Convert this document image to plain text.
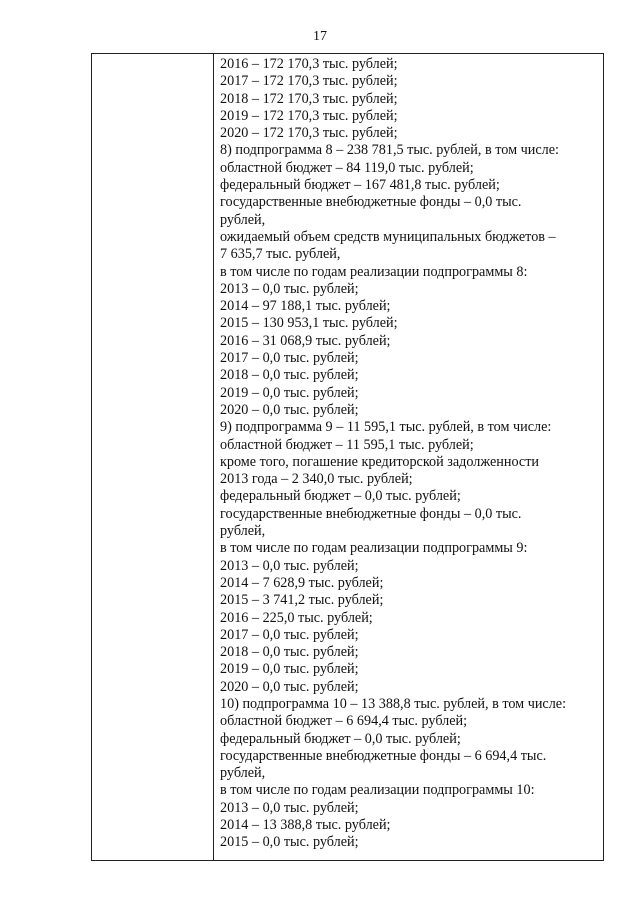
17
2016 – 172 170,3 тыс. рублей;
2017 – 172 170,3 тыс. рублей;
2018 – 172 170,3 тыс. рублей;
2019 – 172 170,3 тыс. рублей;
2020 – 172 170,3 тыс. рублей;
8) подпрограмма 8 – 238 781,5 тыс. рублей, в том числе:
областной бюджет – 84 119,0 тыс. рублей;
федеральный бюджет – 167 481,8 тыс. рублей;
государственные внебюджетные фонды – 0,0 тыс.
рублей,
ожидаемый объем средств муниципальных бюджетов –
7 635,7 тыс. рублей,
в том числе по годам реализации подпрограммы 8:
2013 – 0,0 тыс. рублей;
2014 – 97 188,1 тыс. рублей;
2015 – 130 953,1 тыс. рублей;
2016 – 31 068,9 тыс. рублей;
2017 – 0,0 тыс. рублей;
2018 – 0,0 тыс. рублей;
2019 – 0,0 тыс. рублей;
2020 – 0,0 тыс. рублей;
9) подпрограмма 9 – 11 595,1 тыс. рублей, в том числе:
областной бюджет – 11 595,1 тыс. рублей;
кроме того, погашение кредиторской задолженности
2013 года – 2 340,0 тыс. рублей;
федеральный бюджет – 0,0 тыс. рублей;
государственные внебюджетные фонды – 0,0 тыс.
рублей,
в том числе по годам реализации подпрограммы 9:
2013 – 0,0 тыс. рублей;
2014 – 7 628,9 тыс. рублей;
2015 – 3 741,2 тыс. рублей;
2016 – 225,0 тыс. рублей;
2017 – 0,0 тыс. рублей;
2018 – 0,0 тыс. рублей;
2019 – 0,0 тыс. рублей;
2020 – 0,0 тыс. рублей;
10) подпрограмма 10 – 13 388,8 тыс. рублей, в том числе:
областной бюджет – 6 694,4 тыс. рублей;
федеральный бюджет – 0,0 тыс. рублей;
государственные внебюджетные фонды – 6 694,4 тыс.
рублей,
в том числе по годам реализации подпрограммы 10:
2013 – 0,0 тыс. рублей;
2014 – 13 388,8 тыс. рублей;
2015 – 0,0 тыс. рублей;
